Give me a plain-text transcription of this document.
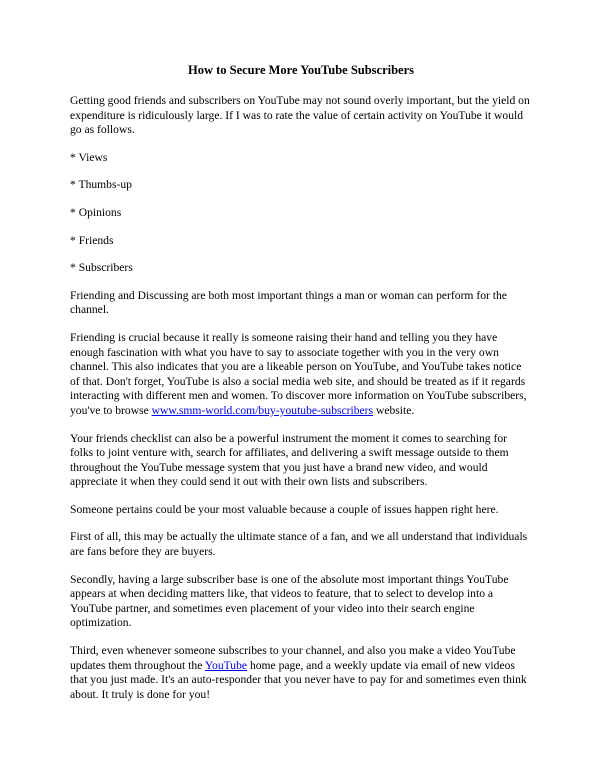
How to Secure More YouTube Subscribers

Getting good friends and subscribers on YouTube may not sound overly important, but the yield on expenditure is ridiculously large. If I was to rate the value of certain activity on YouTube it would go as follows.

* Views

* Thumbs-up

* Opinions

* Friends

* Subscribers

Friending and Discussing are both most important things a man or woman can perform for the channel.

Friending is crucial because it really is someone raising their hand and telling you they have enough fascination with what you have to say to associate together with you in the very own channel. This also indicates that you are a likeable person on YouTube, and YouTube takes notice of that. Don't forget, YouTube is also a social media web site, and should be treated as if it regards interacting with different men and women. To discover more information on YouTube subscribers, you've to browse www.smm-world.com/buy-youtube-subscribers website.

Your friends checklist can also be a powerful instrument the moment it comes to searching for folks to joint venture with, search for affiliates, and delivering a swift message outside to them throughout the YouTube message system that you just have a brand new video, and would appreciate it when they could send it out with their own lists and subscribers.

Someone pertains could be your most valuable because a couple of issues happen right here.

First of all, this may be actually the ultimate stance of a fan, and we all understand that individuals are fans before they are buyers.

Secondly, having a large subscriber base is one of the absolute most important things YouTube appears at when deciding matters like, that videos to feature, that to select to develop into a YouTube partner, and sometimes even placement of your video into their search engine optimization.

Third, even whenever someone subscribes to your channel, and also you make a video YouTube updates them throughout the YouTube home page, and a weekly update via email of new videos that you just made. It's an auto-responder that you never have to pay for and sometimes even think about. It truly is done for you!
